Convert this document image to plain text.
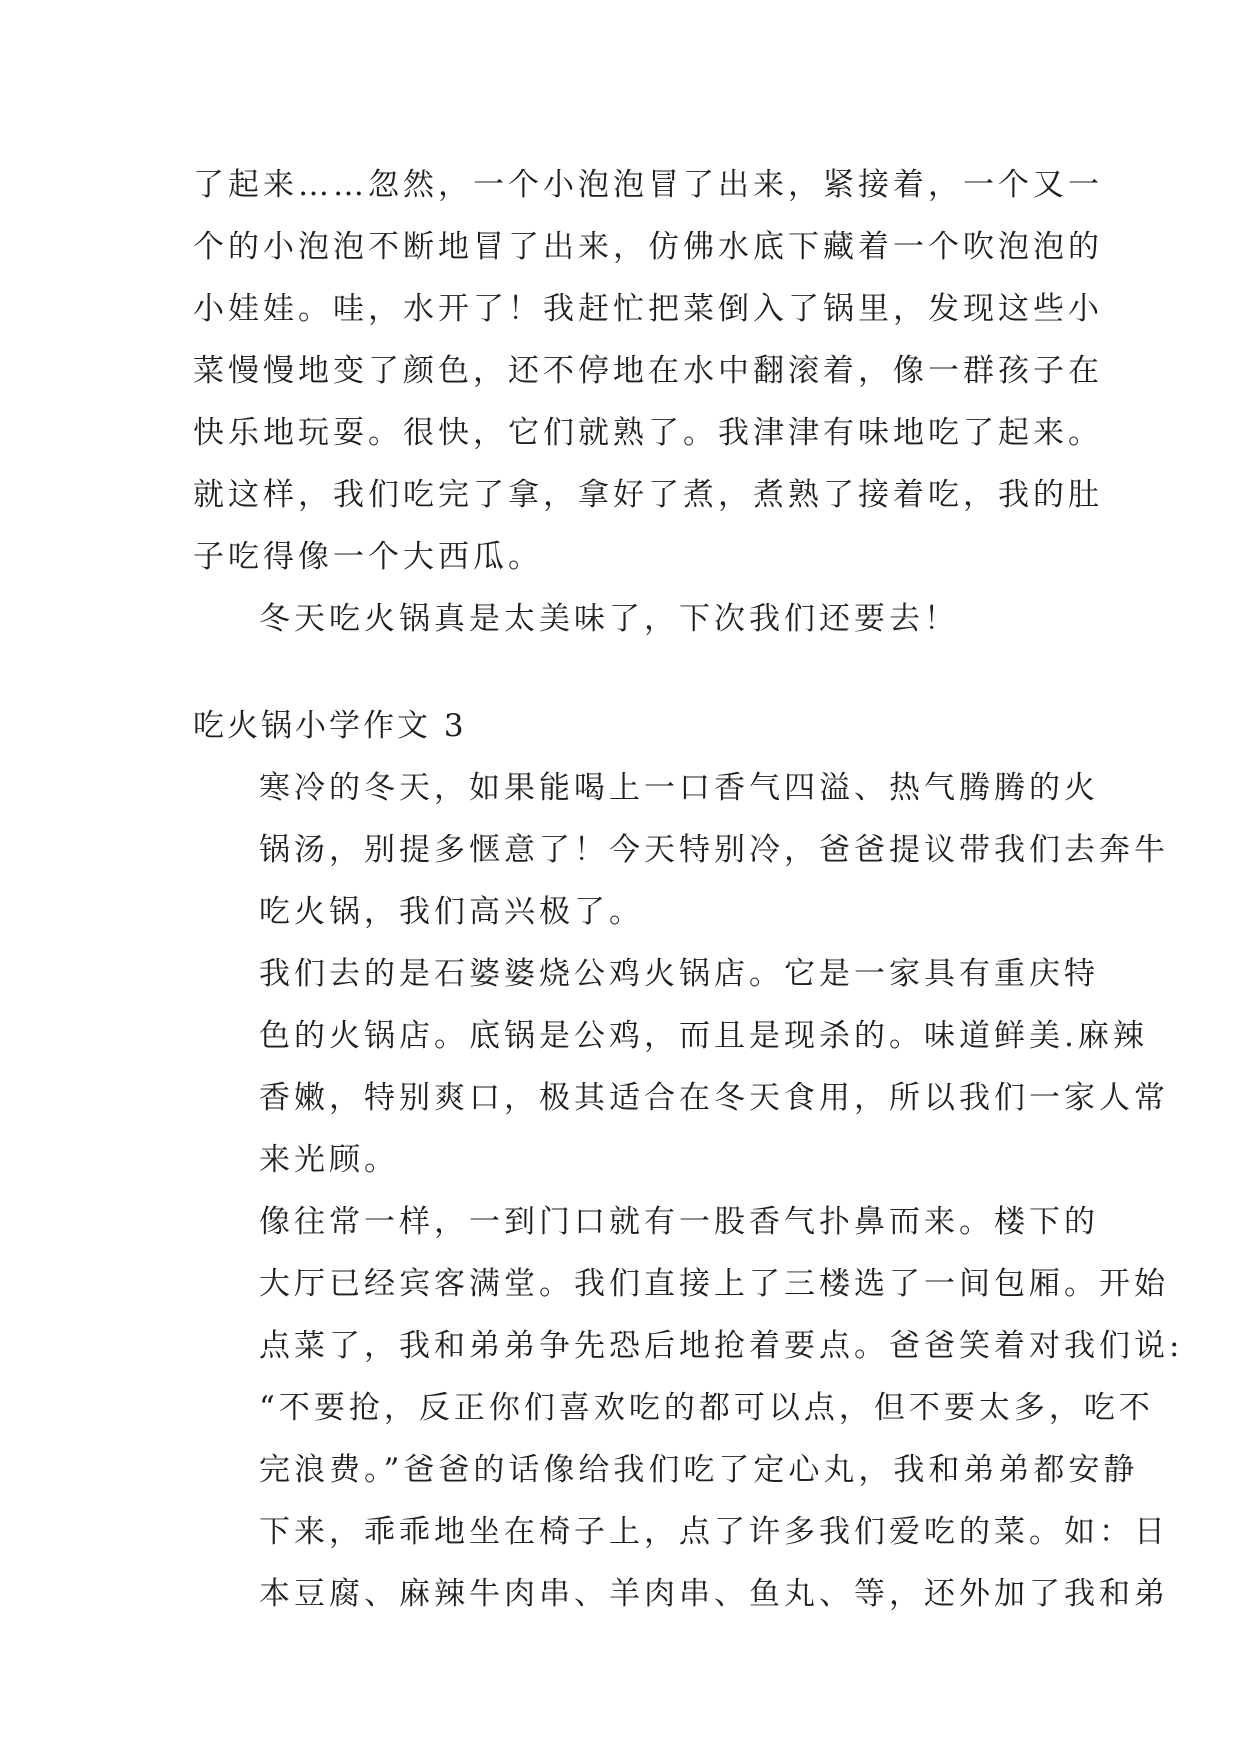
了起来……忽然，一个小泡泡冒了出来，紧接着，一个又一
个的小泡泡不断地冒了出来，仿佛水底下藏着一个吹泡泡的
小娃娃。哇，水开了！我赶忙把菜倒入了锅里，发现这些小
菜慢慢地变了颜色，还不停地在水中翻滚着，像一群孩子在
快乐地玩耍。很快，它们就熟了。我津津有味地吃了起来。
就这样，我们吃完了拿，拿好了煮，煮熟了接着吃，我的肚
子吃得像一个大西瓜。

冬天吃火锅真是太美味了，下次我们还要去！

吃火锅小学作文 3

寒冷的冬天，如果能喝上一口香气四溢、热气腾腾的火
锅汤，别提多惬意了！今天特别冷，爸爸提议带我们去奔牛
吃火锅，我们高兴极了。

我们去的是石婆婆烧公鸡火锅店。它是一家具有重庆特
色的火锅店。底锅是公鸡，而且是现杀的。味道鲜美.麻辣
香嫩，特别爽口，极其适合在冬天食用，所以我们一家人常
来光顾。

像往常一样，一到门口就有一股香气扑鼻而来。楼下的
大厅已经宾客满堂。我们直接上了三楼选了一间包厢。开始
点菜了，我和弟弟争先恐后地抢着要点。爸爸笑着对我们说:
“不要抢，反正你们喜欢吃的都可以点，但不要太多，吃不
完浪费。”爸爸的话像给我们吃了定心丸，我和弟弟都安静
下来，乖乖地坐在椅子上，点了许多我们爱吃的菜。如：日
本豆腐、麻辣牛肉串、羊肉串、鱼丸、等，还外加了我和弟
